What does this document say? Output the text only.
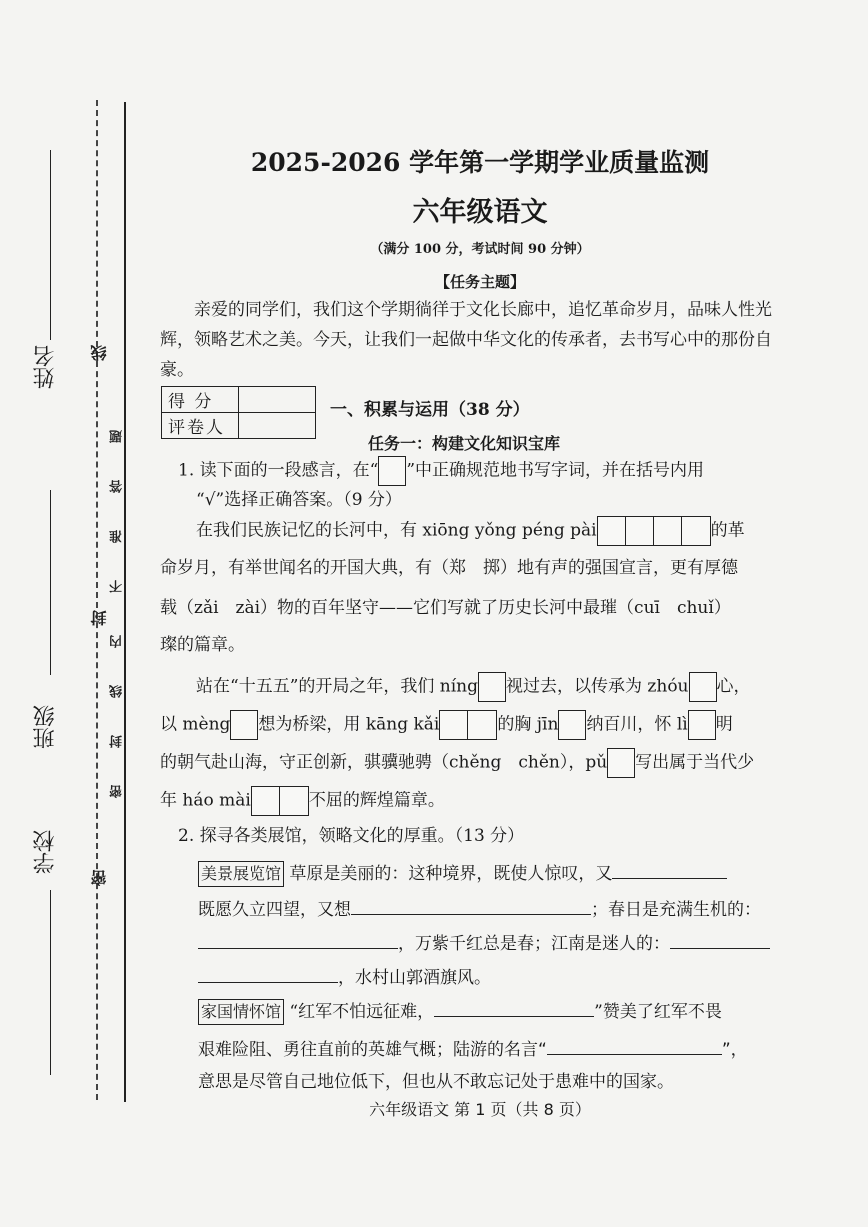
姓名
班级
学校
线
封
密
题
答
准
不
内
线
封
密
2025-2026 学年第一学期学业质量监测
六年级语文
（满分 100 分，考试时间 90 分钟）
【任务主题】
亲爱的同学们，我们这个学期徜徉于文化长廊中，追忆革命岁月，品味人性光辉，领略艺术之美。今天，让我们一起做中华文化的传承者，去书写心中的那份自豪。
得 分	
评卷人	
一、积累与运用（38 分）
任务一：构建文化知识宝库
1. 读下面的一段感言，在“ ”中正确规范地书写字词，并在括号内用
“√”选择正确答案。（9 分）
在我们民族记忆的长河中，有 xiōng yǒng péng pài	的革
命岁月，有举世闻名的开国大典，有（郑　掷）地有声的强国宣言，更有厚德
载（zǎi　zài）物的百年坚守——它们写就了历史长河中最璀（cuī　chuǐ）
璨的篇章。
站在“十五五”的开局之年，我们 níng 视过去，以传承为 zhóu 心，
以 mèng 想为桥梁，用 kāng kǎi	的胸 jīn 纳百川，怀 lì 明
的朝气赴山海，守正创新，骐骥驰骋（chěng　chěn），pǔ 写出属于当代少
年 háo mài	不屈的辉煌篇章。
2. 探寻各类展馆，领略文化的厚重。（13 分）
美景展览馆 草原是美丽的：这种境界，既使人惊叹，又
既愿久立四望，又想	；春日是充满生机的：
，万紫千红总是春；江南是迷人的：
，水村山郭酒旗风。
家国情怀馆 “红军不怕远征难，	”赞美了红军不畏
艰难险阻、勇往直前的英雄气概；陆游的名言“	”，
意思是尽管自己地位低下，但也从不敢忘记处于患难中的国家。
六年级语文 第 1 页（共 8 页）
